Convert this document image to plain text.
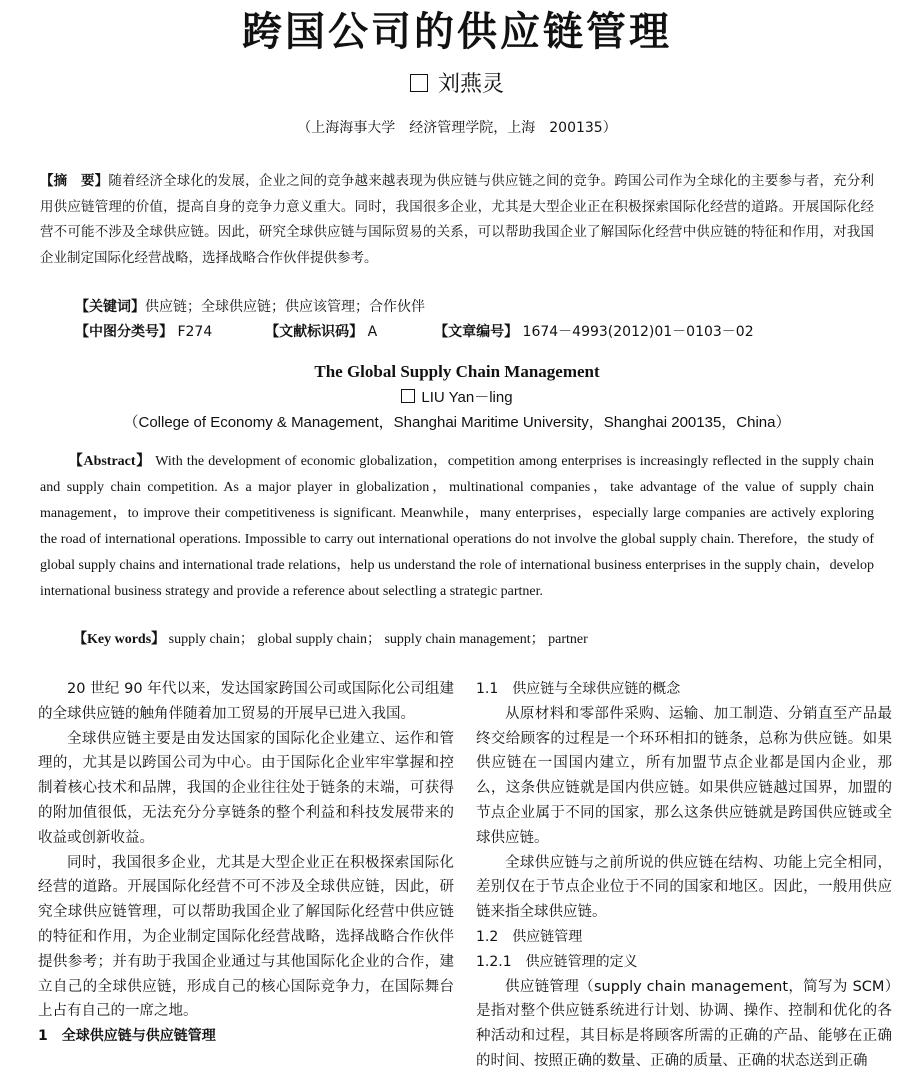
跨国公司的供应链管理
刘燕灵
（上海海事大学　经济管理学院，上海　200135）
【摘　要】随着经济全球化的发展，企业之间的竞争越来越表现为供应链与供应链之间的竞争。跨国公司作为全球化的主要参与者，充分利用供应链管理的价值，提高自身的竞争力意义重大。同时，我国很多企业，尤其是大型企业正在积极探索国际化经营的道路。开展国际化经营不可能不涉及全球供应链。因此，研究全球供应链与国际贸易的关系，可以帮助我国企业了解国际化经营中供应链的特征和作用，对我国企业制定国际化经营战略，选择战略合作伙伴提供参考。
【关键词】供应链；全球供应链；供应该管理；合作伙伴
【中图分类号】 F274	【文献标识码】 A	【文章编号】 1674－4993(2012)01－0103－02
The Global Supply Chain Management
LIU Yan－ling
（College of Economy & Management，Shanghai Maritime University，Shanghai 200135，China）
【Abstract】 With the development of economic globalization，competition among enterprises is increasingly reflected in the supply chain and supply chain competition. As a major player in globalization，multinational companies，take advantage of the value of supply chain management，to improve their competitiveness is significant. Meanwhile，many enterprises，especially large companies are actively exploring the road of international operations. Impossible to carry out international operations do not involve the global supply chain. Therefore，the study of global supply chains and international trade relations，help us understand the role of international business enterprises in the supply chain，develop international business strategy and provide a reference about selectling a strategic partner.
【Key words】 supply chain； global supply chain； supply chain management； partner

20 世纪 90 年代以来，发达国家跨国公司或国际化公司组建的全球供应链的触角伴随着加工贸易的开展早已进入我国。

全球供应链主要是由发达国家的国际化企业建立、运作和管理的，尤其是以跨国公司为中心。由于国际化企业牢牢掌握和控制着核心技术和品牌，我国的企业往往处于链条的末端，可获得的附加值很低，无法充分分享链条的整个利益和科技发展带来的收益或创新收益。

同时，我国很多企业，尤其是大型企业正在积极探索国际化经营的道路。开展国际化经营不可不涉及全球供应链，因此，研究全球供应链管理，可以帮助我国企业了解国际化经营中供应链的特征和作用，为企业制定国际化经营战略，选择战略合作伙伴提供参考；并有助于我国企业通过与其他国际化企业的合作，建立自己的全球供应链，形成自己的核心国际竞争力，在国际舞台上占有自己的一席之地。

1　全球供应链与供应链管理

1.1　供应链与全球供应链的概念

从原材料和零部件采购、运输、加工制造、分销直至产品最终交给顾客的过程是一个环环相扣的链条，总称为供应链。如果供应链在一国国内建立，所有加盟节点企业都是国内企业，那么，这条供应链就是国内供应链。如果供应链越过国界，加盟的节点企业属于不同的国家，那么这条供应链就是跨国供应链或全球供应链。

全球供应链与之前所说的供应链在结构、功能上完全相同，差别仅在于节点企业位于不同的国家和地区。因此，一般用供应链来指全球供应链。

1.2　供应链管理

1.2.1　供应链管理的定义

供应链管理（supply chain management，简写为 SCM）是指对整个供应链系统进行计划、协调、操作、控制和优化的各种活动和过程，其目标是将顾客所需的正确的产品、能够在正确的时间、按照正确的数量、正确的质量、正确的状态送到正确
